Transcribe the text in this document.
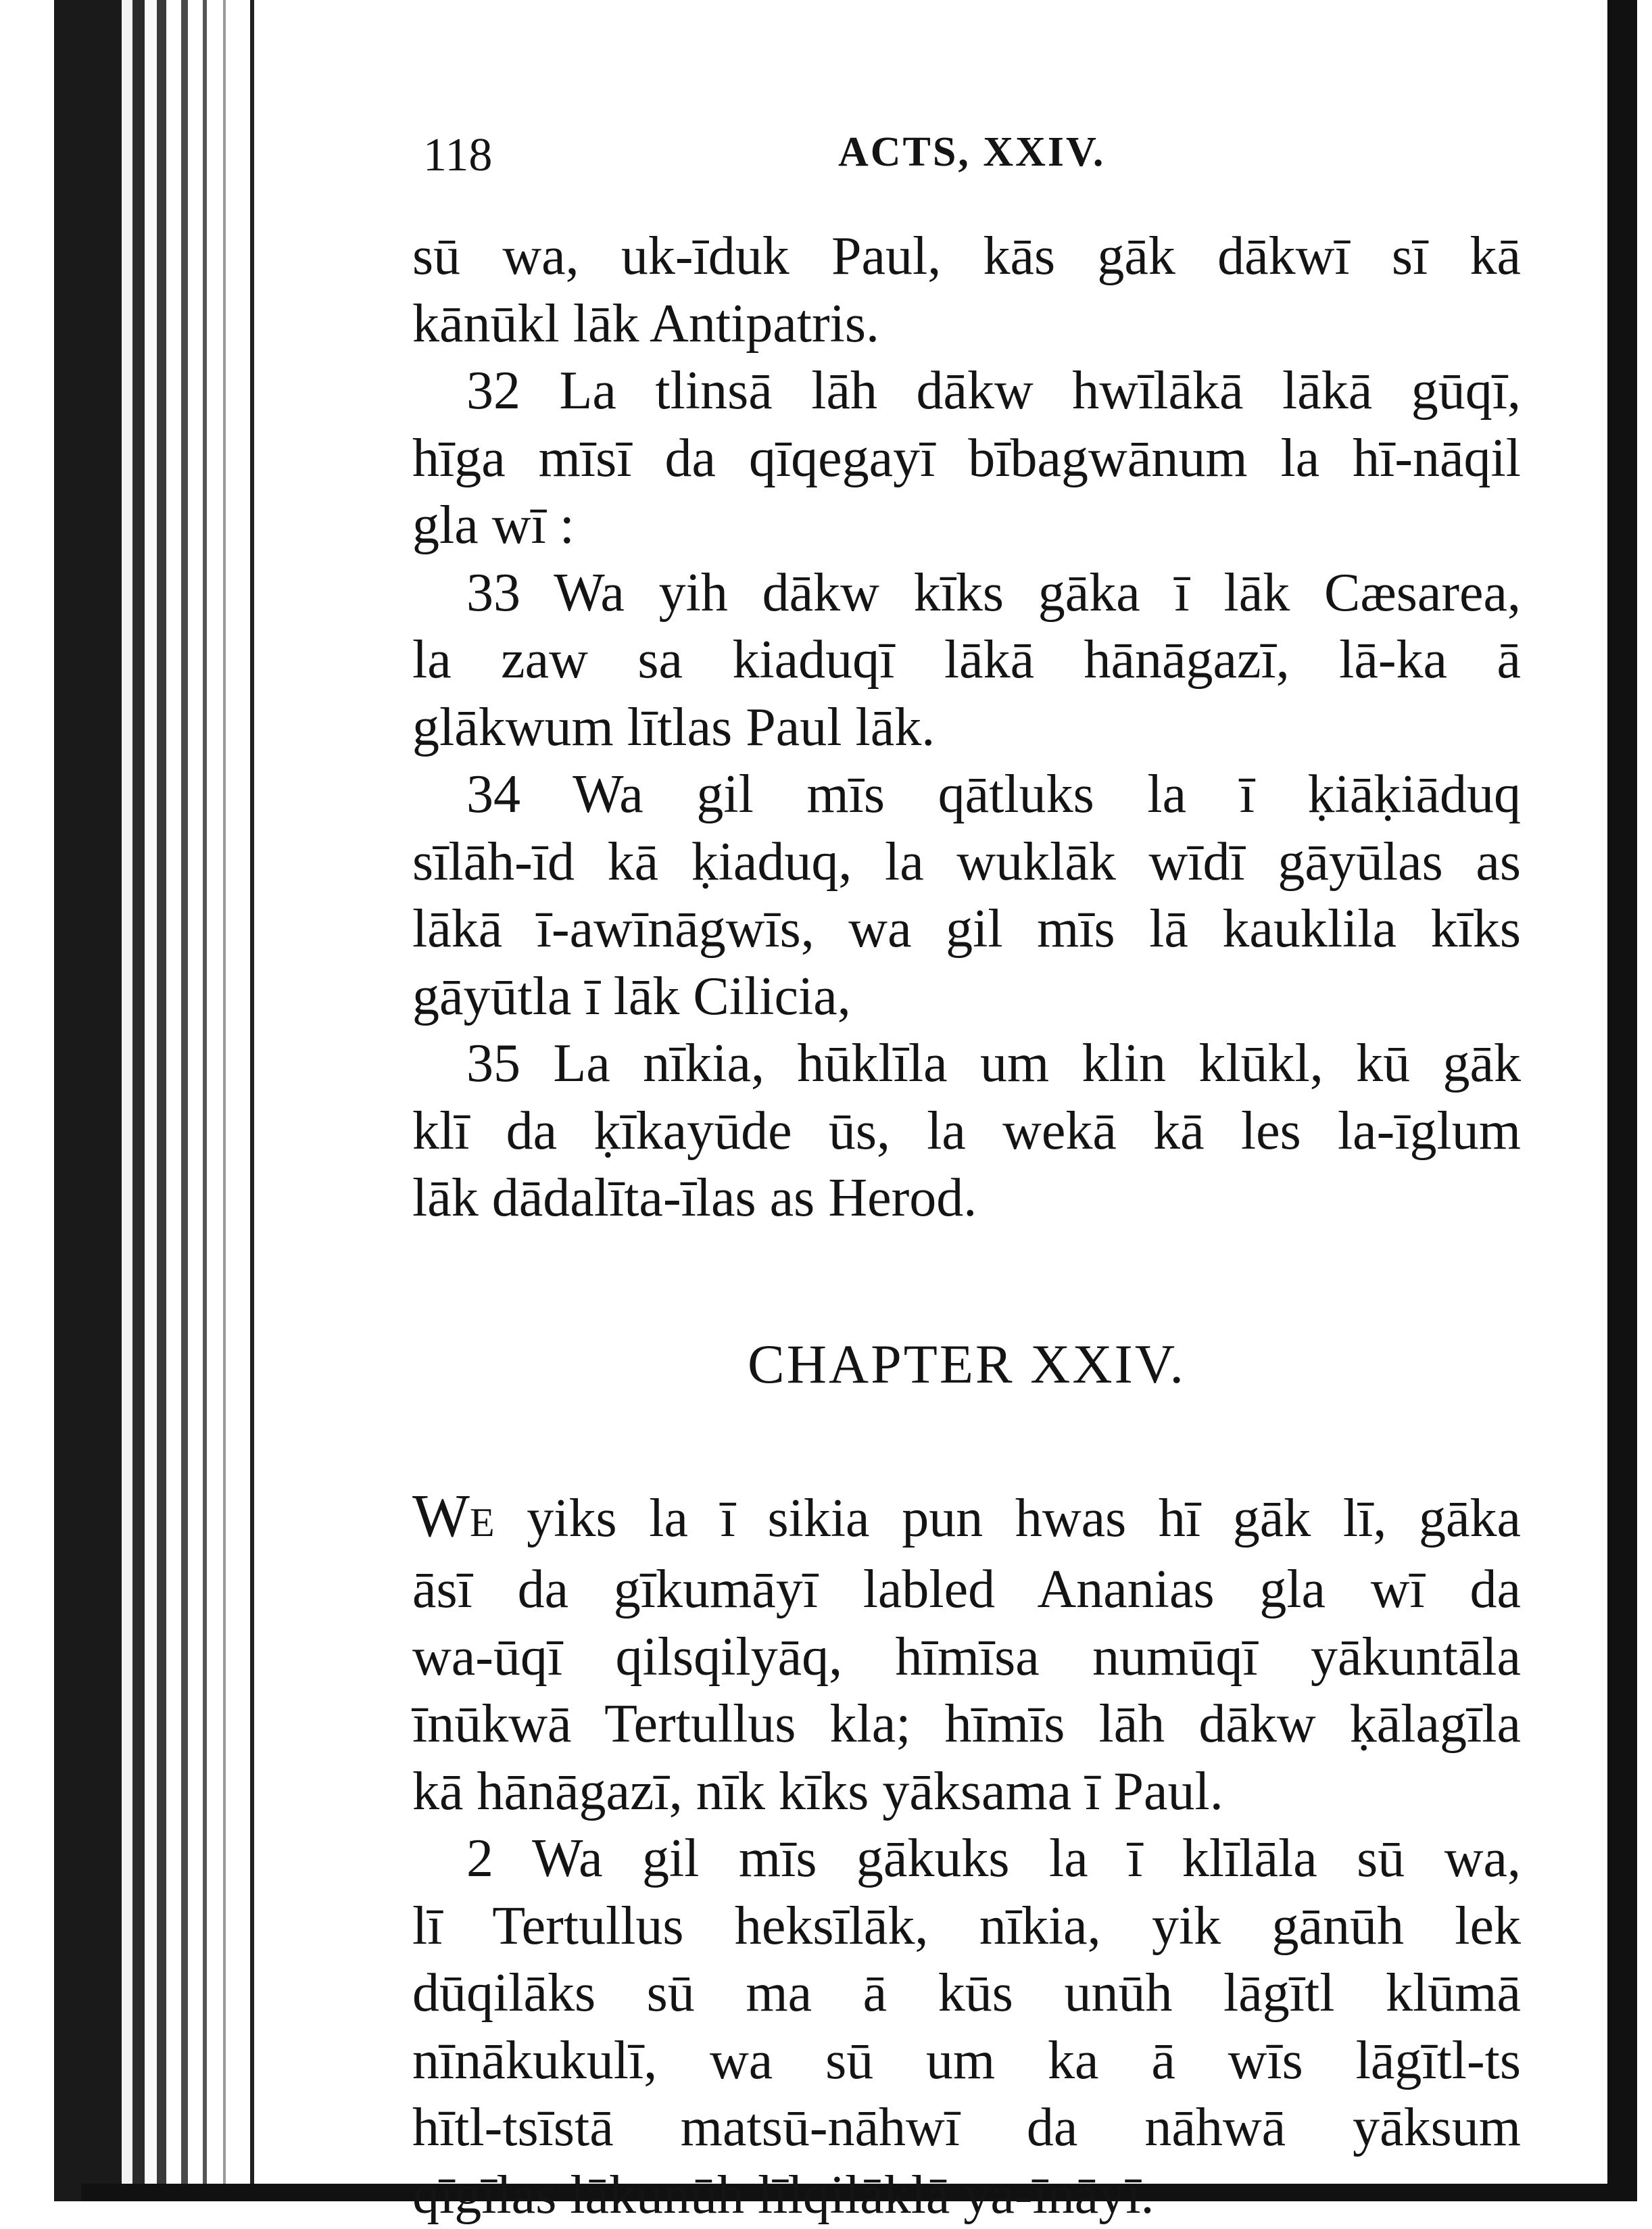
118	ACTS, XXIV.
sū wa, uk-īduk Paul, kās gāk dākwī sī kā
kānūkl lāk Antipatris.
32 La tlinsā lāh dākw hwīlākā lākā gūqī,
hīga mīsī da qīqegayī bībagwānum la hī-nāqil
gla wī :
33 Wa yih dākw kīks gāka ī lāk Cæsarea,
la zaw sa kiaduqī lākā hānāgazī, lā-ka ā
glākwum lītlas Paul lāk.
34 Wa gil mīs qātluks la ī ḳiāḳiāduq
sīlāh-īd kā ḳiaduq, la wuklāk wīdī gāyūlas as
lākā ī-awīnāgwīs, wa gil mīs lā kauklila kīks
gāyūtla ī lāk Cilicia,
35 La nīkia, hūklīla um klin klūkl, kū gāk
klī da ḳīkayūde ūs, la wekā kā les la-īglum
lāk dādalīta-īlas as Herod.
CHAPTER XXIV.
WE yiks la ī sikia pun hwas hī gāk lī, gāka
āsī da gīkumāyī labled Ananias gla wī da
wa-ūqī qilsqilyāq, hīmīsa numūqī yākuntāla
īnūkwā Tertullus kla; hīmīs lāh dākw ḳālagīla
kā hānāgazī, nīk kīks yāksama ī Paul.
2 Wa gil mīs gākuks la ī klīlāla sū wa,
lī Tertullus heksīlāk, nīkia, yik gānūh lek
dūqilāks sū ma ā kūs unūh lāgītl klūmā
nīnākukulī, wa sū um ka ā wīs lāgītl-ts
hītl-tsīstā matsū-nāhwī da nāhwā yāksum
qīgīlas lākunūh līlqilāklā ya-īnāyī.
